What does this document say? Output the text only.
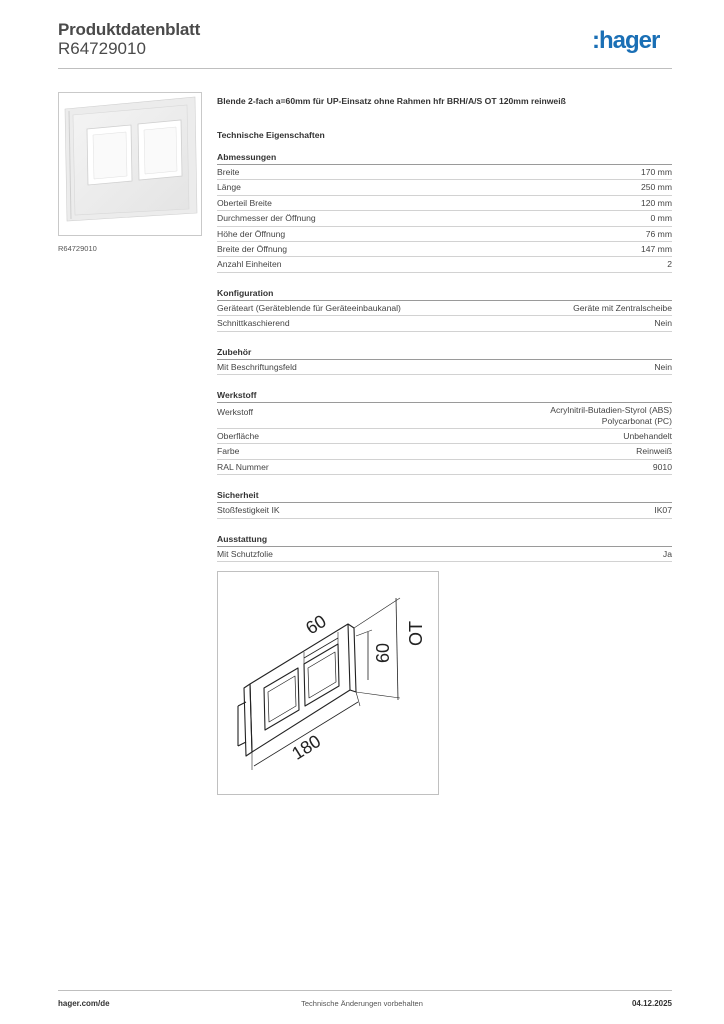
Produktdatenblatt
R64729010	:hager
R64729010
Blende 2-fach a=60mm für UP-Einsatz ohne Rahmen hfr BRH/A/S OT 120mm reinweiß
Technische Eigenschaften
Abmessungen
Breite	170 mm
Länge	250 mm
Oberteil Breite	120 mm
Durchmesser der Öffnung	0 mm
Höhe der Öffnung	76 mm
Breite der Öffnung	147 mm
Anzahl Einheiten	2
Konfiguration
Geräteart (Geräteblende für Geräteeinbaukanal)	Geräte mit Zentralscheibe
Schnittkaschierend	Nein
Zubehör
Mit Beschriftungsfeld	Nein
Werkstoff
Werkstoff	Acrylnitril-Butadien-Styrol (ABS)
Polycarbonat (PC)
Oberfläche	Unbehandelt
Farbe	Reinweiß
RAL Nummer	9010
Sicherheit
Stoßfestigkeit IK	IK07
Ausstattung
Mit Schutzfolie	Ja
60
60
OT
180
hager.com/de	Technische Änderungen vorbehalten	04.12.2025
